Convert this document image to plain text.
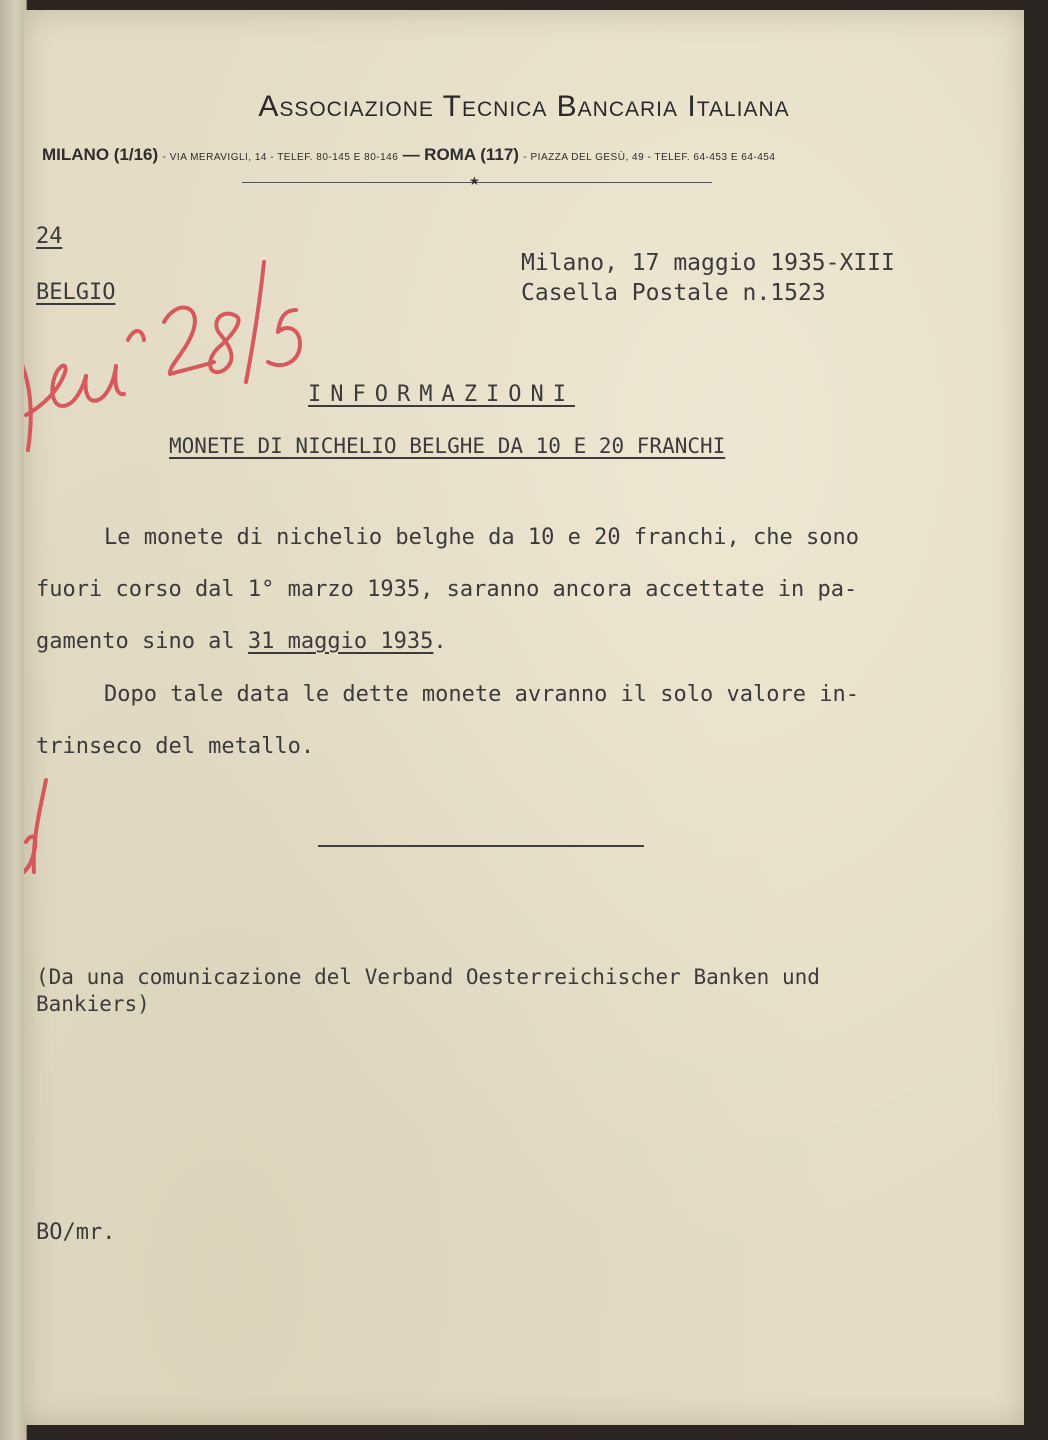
Associazione Tecnica Bancaria Italiana
MILANO (1/16) - VIA MERAVIGLI, 14 - TELEF. 80-145 E 80-146 — ROMA (117) - PIAZZA DEL GESÙ, 49 - TELEF. 64-453 E 64-454
★
24
BELGIO
Milano, 17 maggio 1935-XIII
Casella Postale n.1523
INFORMAZIONI
MONETE DI NICHELIO BELGHE DA 10 E 20 FRANCHI
Le monete di nichelio belghe da 10 e 20 franchi, che sono
fuori corso dal 1° marzo 1935, saranno ancora accettate in pa-
gamento sino al 31 maggio 1935.
Dopo tale data le dette monete avranno il solo valore in-
trinseco del metallo.
(Da una comunicazione del Verband Oesterreichischer Banken und
Bankiers)
BO/mr.
